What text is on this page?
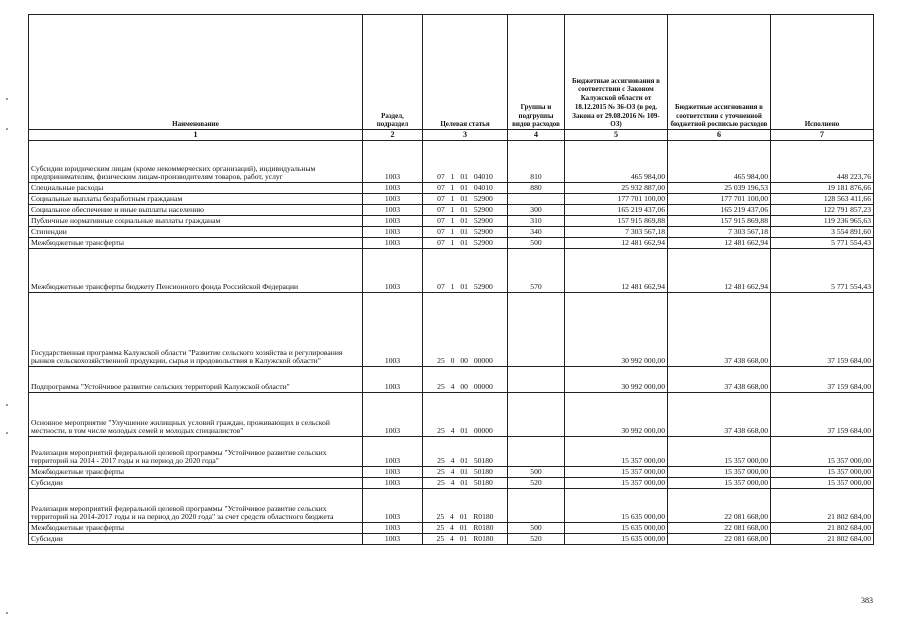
Наименование	Раздел, подраздел	Целевая статья	Группы и подгруппы видов расходов	Бюджетные ассигнования в соответствии с Законом Калужской области от 18.12.2015 № 36-ОЗ (в ред. Закона от 29.08.2016 № 109-ОЗ)	Бюджетные ассигнования в соответствии с уточненной бюджетной росписью расходов	Исполнено
1	2	3	4	5	6	7
Субсидии юридическим лицам (кроме некоммерческих организаций), индивидуальным предпринимателям, физическим лицам-производителям товаров, работ, услуг	1003	07 1 01 04010	810	465 984,00	465 984,00	448 223,76
Специальные расходы	1003	07 1 01 04010	880	25 932 887,00	25 039 196,53	19 181 876,66
Социальные выплаты безработным гражданам	1003	07 1 01 52900		177 701 100,00	177 701 100,00	128 563 411,66
Социальное обеспечение и иные выплаты населению	1003	07 1 01 52900	300	165 219 437,06	165 219 437,06	122 791 857,23
Публичные нормативные социальные выплаты гражданам	1003	07 1 01 52900	310	157 915 869,88	157 915 869,88	119 236 965,63
Стипендии	1003	07 1 01 52900	340	7 303 567,18	7 303 567,18	3 554 891,60
Межбюджетные трансферты	1003	07 1 01 52900	500	12 481 662,94	12 481 662,94	5 771 554,43
Межбюджетные трансферты бюджету Пенсионного фонда Российской Федерации	1003	07 1 01 52900	570	12 481 662,94	12 481 662,94	5 771 554,43
Государственная программа Калужской области "Развитие сельского хозяйства и регулирования рынков сельскохозяйственной продукции, сырья и продовольствия в Калужской области"	1003	25 0 00 00000		30 992 000,00	37 438 668,00	37 159 684,00
Подпрограмма "Устойчивое развитие сельских территорий Калужской области"	1003	25 4 00 00000		30 992 000,00	37 438 668,00	37 159 684,00
Основное мероприятие "Улучшение жилищных условий граждан, проживающих в сельской местности, в том числе молодых семей и молодых специалистов"	1003	25 4 01 00000		30 992 000,00	37 438 668,00	37 159 684,00
Реализация мероприятий федеральной целевой программы "Устойчивое развитие сельских территорий на 2014 - 2017 годы и на период до 2020 года"	1003	25 4 01 50180		15 357 000,00	15 357 000,00	15 357 000,00
Межбюджетные трансферты	1003	25 4 01 50180	500	15 357 000,00	15 357 000,00	15 357 000,00
Субсидии	1003	25 4 01 50180	520	15 357 000,00	15 357 000,00	15 357 000,00
Реализация мероприятий федеральной целевой программы "Устойчивое развитие сельских территорий на 2014-2017 годы и на период до 2020 года" за счет средств областного бюджета	1003	25 4 01 R0180		15 635 000,00	22 081 668,00	21 802 684,00
Межбюджетные трансферты	1003	25 4 01 R0180	500	15 635 000,00	22 081 668,00	21 802 684,00
Субсидии	1003	25 4 01 R0180	520	15 635 000,00	22 081 668,00	21 802 684,00
383
